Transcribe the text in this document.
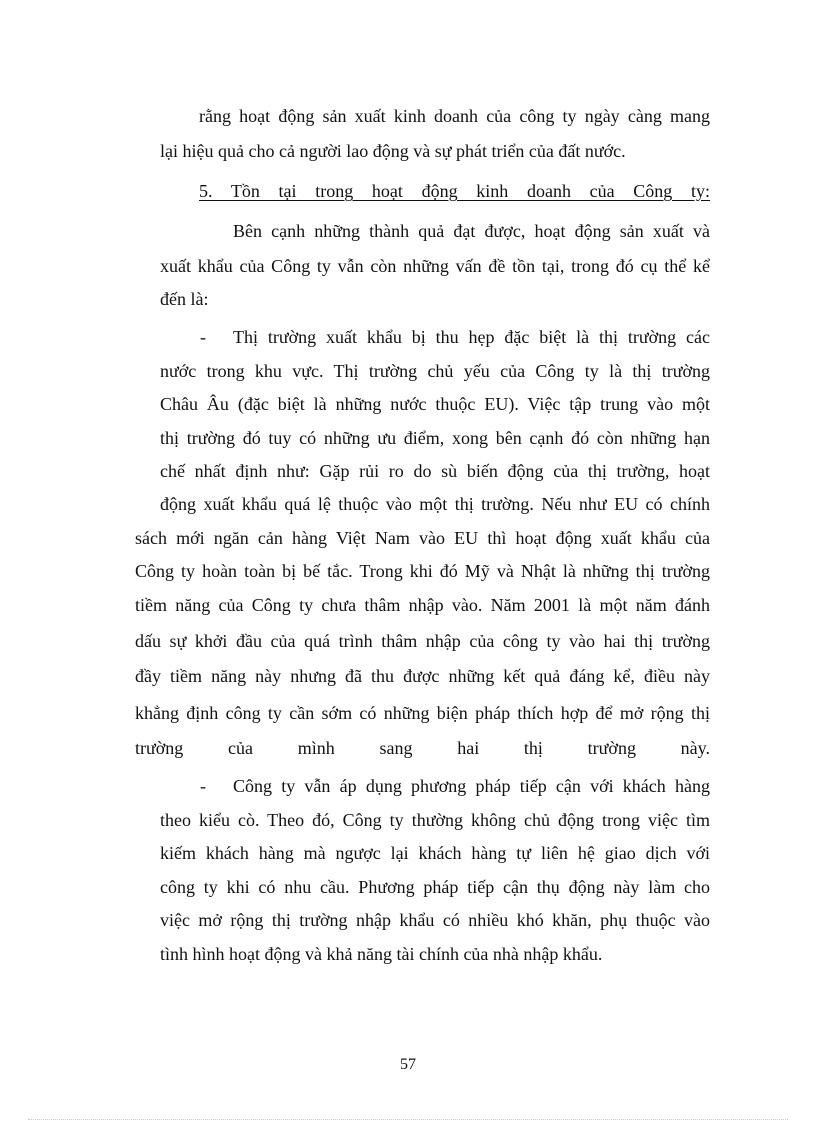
rằng hoạt động sản xuất kinh doanh của công ty ngày càng mang
lại hiệu quả cho cả người lao động và sự phát triển của đất nước.
5. Tồn tại trong hoạt động kinh doanh của Công ty:
Bên cạnh những thành quả đạt được, hoạt động sản xuất và
xuất khẩu của Công ty vẫn còn những vấn đề tồn tại, trong đó cụ thể kể
đến là:
- Thị trường xuất khẩu bị thu hẹp đặc biệt là thị trường các
nước trong khu vực. Thị trường chủ yếu của Công ty là thị trường
Châu Âu (đặc biệt là những nước thuộc EU). Việc tập trung vào một
thị trường đó tuy có những ưu điểm, xong bên cạnh đó còn những hạn
chế nhất định như: Gặp rủi ro do sù biến động của thị trường, hoạt
động xuất khẩu quá lệ thuộc vào một thị trường. Nếu như EU có chính
sách mới ngăn cản hàng Việt Nam vào EU thì hoạt động xuất khẩu của
Công ty hoàn toàn bị bế tắc. Trong khi đó Mỹ và Nhật là những thị trường
tiềm năng của Công ty chưa thâm nhập vào. Năm 2001 là một năm đánh
dấu sự khởi đầu của quá trình thâm nhập của công ty vào hai thị trường
đầy tiềm năng này nhưng đã thu được những kết quả đáng kể, điều này
khẳng định công ty cần sớm có những biện pháp thích hợp để mở rộng thị
trường của mình sang hai thị trường này.
- Công ty vẫn áp dụng phương pháp tiếp cận với khách hàng
theo kiểu cò. Theo đó, Công ty thường không chủ động trong việc tìm
kiếm khách hàng mà ngược lại khách hàng tự liên hệ giao dịch với
công ty khi có nhu cầu. Phương pháp tiếp cận thụ động này làm cho
việc mở rộng thị trường nhập khẩu có nhiều khó khăn, phụ thuộc vào
tình hình hoạt động và khả năng tài chính của nhà nhập khẩu.
57
